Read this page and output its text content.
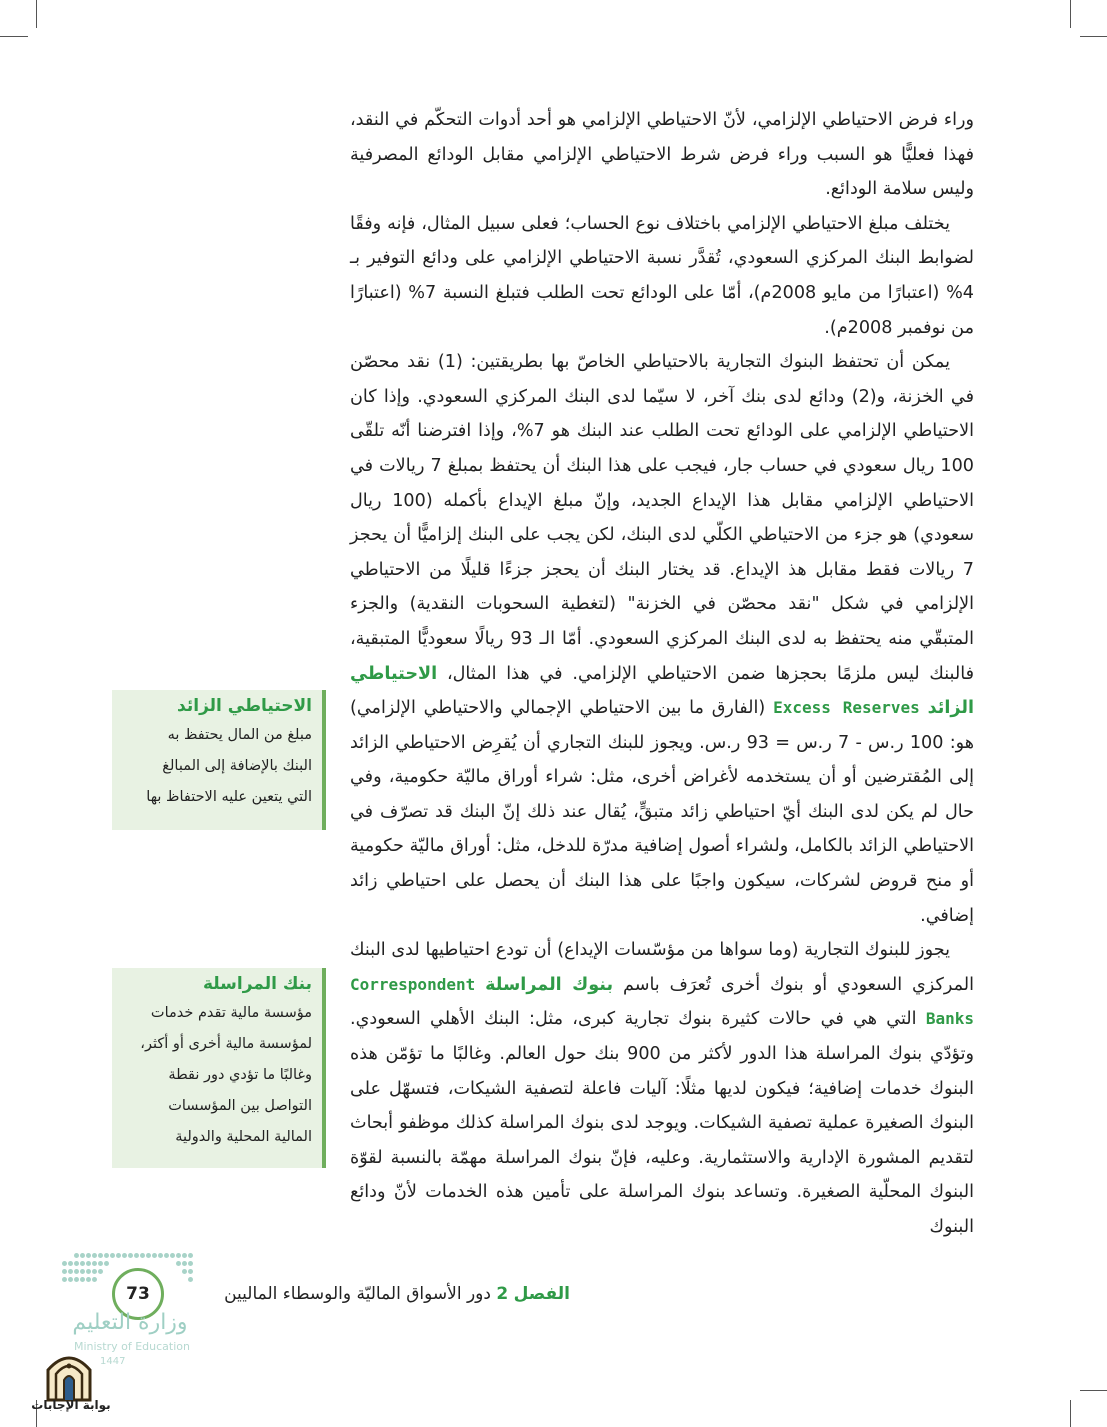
وراء فرض الاحتياطي الإلزامي، لأنّ الاحتياطي الإلزامي هو أحد أدوات التحكّم في النقد، فهذا فعليًّا هو السبب وراء فرض شرط الاحتياطي الإلزامي مقابل الودائع المصرفية وليس سلامة الودائع.

يختلف مبلغ الاحتياطي الإلزامي باختلاف نوع الحساب؛ فعلى سبيل المثال، فإنه وفقًا لضوابط البنك المركزي السعودي، تُقدَّر نسبة الاحتياطي الإلزامي على ودائع التوفير بـ 4% (اعتبارًا من مايو 2008م)، أمّا على الودائع تحت الطلب فتبلغ النسبة 7% (اعتبارًا من نوفمبر 2008م).

يمكن أن تحتفظ البنوك التجارية بالاحتياطي الخاصّ بها بطريقتين: (1) نقد محصّن في الخزنة، و(2) ودائع لدى بنك آخر، لا سيّما لدى البنك المركزي السعودي. وإذا كان الاحتياطي الإلزامي على الودائع تحت الطلب عند البنك هو 7%، وإذا افترضنا أنّه تلقّى 100 ريال سعودي في حساب جار، فيجب على هذا البنك أن يحتفظ بمبلغ 7 ريالات في الاحتياطي الإلزامي مقابل هذا الإيداع الجديد، وإنّ مبلغ الإيداع بأكمله (100 ريال سعودي) هو جزء من الاحتياطي الكلّي لدى البنك، لكن يجب على البنك إلزاميًّا أن يحجز 7 ريالات فقط مقابل هذ الإيداع. قد يختار البنك أن يحجز جزءًا قليلًا من الاحتياطي الإلزامي في شكل "نقد محصّن في الخزنة" (لتغطية السحوبات النقدية) والجزء المتبقّي منه يحتفظ به لدى البنك المركزي السعودي. أمّا الـ 93 ريالًا سعوديًّا المتبقية، فالبنك ليس ملزمًا بحجزها ضمن الاحتياطي الإلزامي. في هذا المثال، الاحتياطي الزائد Excess Reserves (الفارق ما بين الاحتياطي الإجمالي والاحتياطي الإلزامي) هو: 100 ر.س - 7 ر.س = 93 ر.س. ويجوز للبنك التجاري أن يُقرِض الاحتياطي الزائد إلى المُقترضين أو أن يستخدمه لأغراض أخرى، مثل: شراء أوراق ماليّة حكومية، وفي حال لم يكن لدى البنك أيّ احتياطي زائد متبقٍّ، يُقال عند ذلك إنّ البنك قد تصرّف في الاحتياطي الزائد بالكامل، ولشراء أصول إضافية مدرّة للدخل، مثل: أوراق ماليّة حكومية أو منح قروض لشركات، سيكون واجبًا على هذا البنك أن يحصل على احتياطي زائد إضافي.

يجوز للبنوك التجارية (وما سواها من مؤسّسات الإيداع) أن تودع احتياطيها لدى البنك المركزي السعودي أو بنوك أخرى تُعرَف باسم بنوك المراسلة Correspondent Banks التي هي في حالات كثيرة بنوك تجارية كبرى، مثل: البنك الأهلي السعودي. وتؤدّي بنوك المراسلة هذا الدور لأكثر من 900 بنك حول العالم. وغالبًا ما تؤمّن هذه البنوك خدمات إضافية؛ فيكون لديها مثلًا: آليات فاعلة لتصفية الشيكات، فتسهّل على البنوك الصغيرة عملية تصفية الشيكات. ويوجد لدى بنوك المراسلة كذلك موظفو أبحاث لتقديم المشورة الإدارية والاستثمارية. وعليه، فإنّ بنوك المراسلة مهمّة بالنسبة لقوّة البنوك المحلّية الصغيرة. وتساعد بنوك المراسلة على تأمين هذه الخدمات لأنّ ودائع البنوك

الاحتياطي الزائد

مبلغ من المال يحتفظ به

البنك بالإضافة إلى المبالغ

التي يتعين عليه الاحتفاظ بها

بنك المراسلة

مؤسسة مالية تقدم خدمات

لمؤسسة مالية أخرى أو أكثر،

وغالبًا ما تؤدي دور نقطة

التواصل بين المؤسسات

المالية المحلية والدولية

73	الفصل 2 دور الأسواق الماليّة والوسطاء الماليين
وزارة التعليم
Ministry of Education
1447
بوابة الإجابات
